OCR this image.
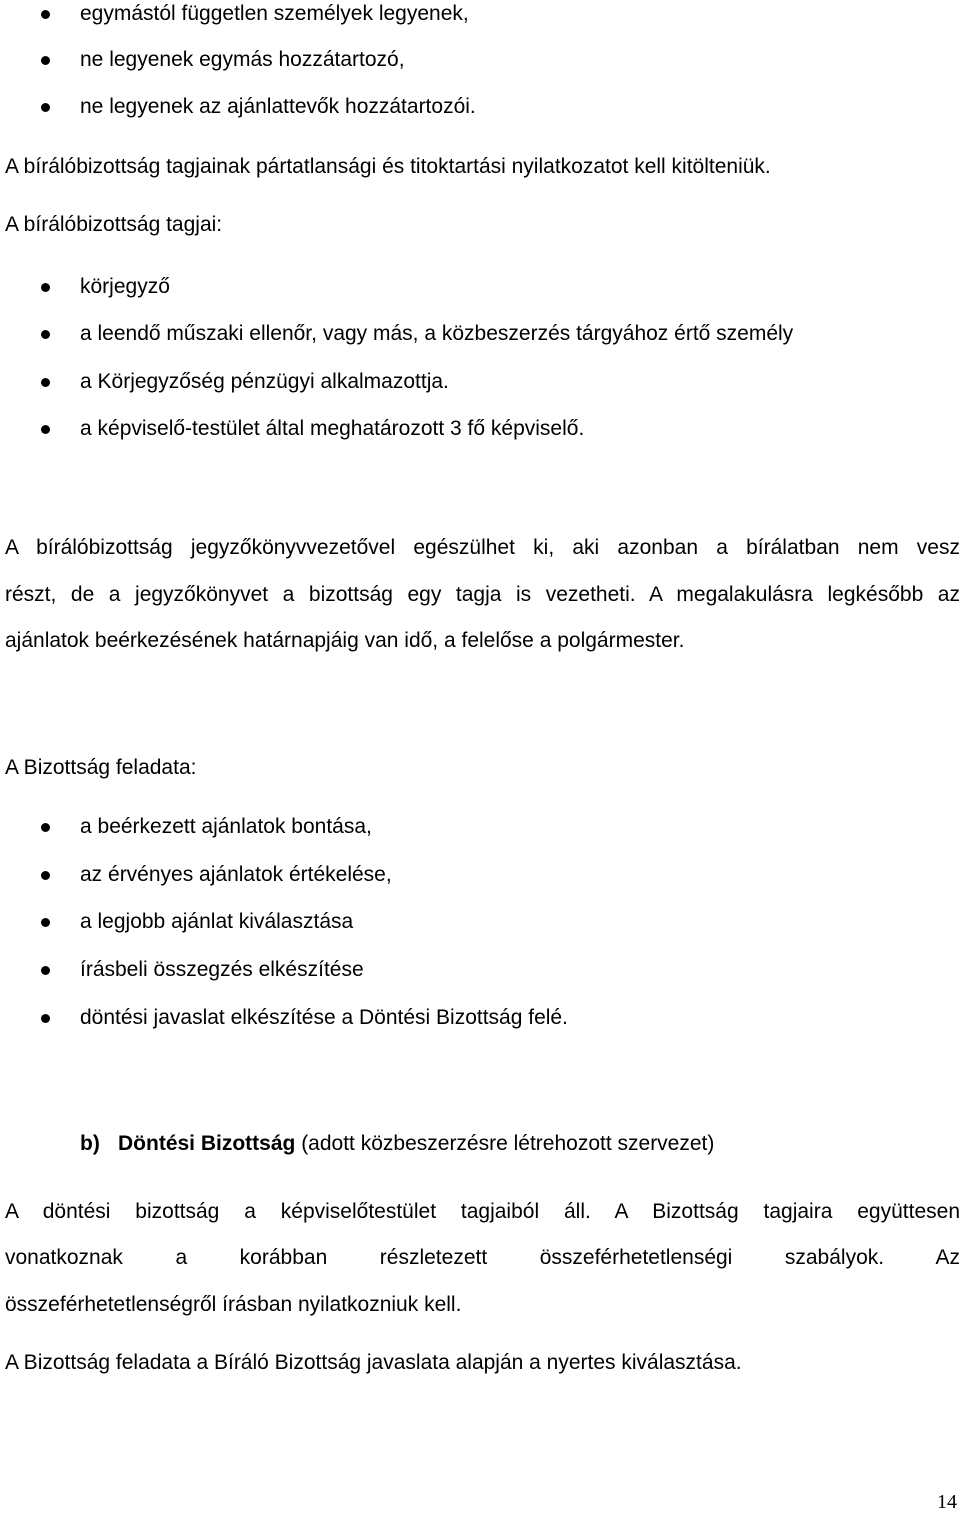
egymástól független személyek legyenek,
ne legyenek egymás hozzátartozó,
ne legyenek az ajánlattevők hozzátartozói.
A bírálóbizottság tagjainak pártatlansági és titoktartási nyilatkozatot kell kitölteniük.
A bírálóbizottság tagjai:
körjegyző
a leendő műszaki ellenőr, vagy más, a közbeszerzés tárgyához értő személy
a Körjegyzőség pénzügyi alkalmazottja.
a képviselő-testület által meghatározott 3 fő képviselő.
A bírálóbizottság jegyzőkönyvvezetővel egészülhet ki, aki azonban a bírálatban nem vesz
részt, de a jegyzőkönyvet a bizottság egy tagja is vezetheti. A megalakulásra legkésőbb az
ajánlatok beérkezésének határnapjáig van idő, a felelőse a polgármester.
A Bizottság feladata:
a beérkezett ajánlatok bontása,
az érvényes ajánlatok értékelése,
a legjobb ajánlat kiválasztása
írásbeli összegzés elkészítése
döntési javaslat elkészítése a Döntési Bizottság felé.
b) Döntési Bizottság (adott közbeszerzésre létrehozott szervezet)
A döntési bizottság a képviselőtestület tagjaiból áll. A Bizottság tagjaira együttesen
vonatkoznak a korábban részletezett összeférhetetlenségi szabályok. Az
összeférhetetlenségről írásban nyilatkozniuk kell.
A Bizottság feladata a Bíráló Bizottság javaslata alapján a nyertes kiválasztása.
14
